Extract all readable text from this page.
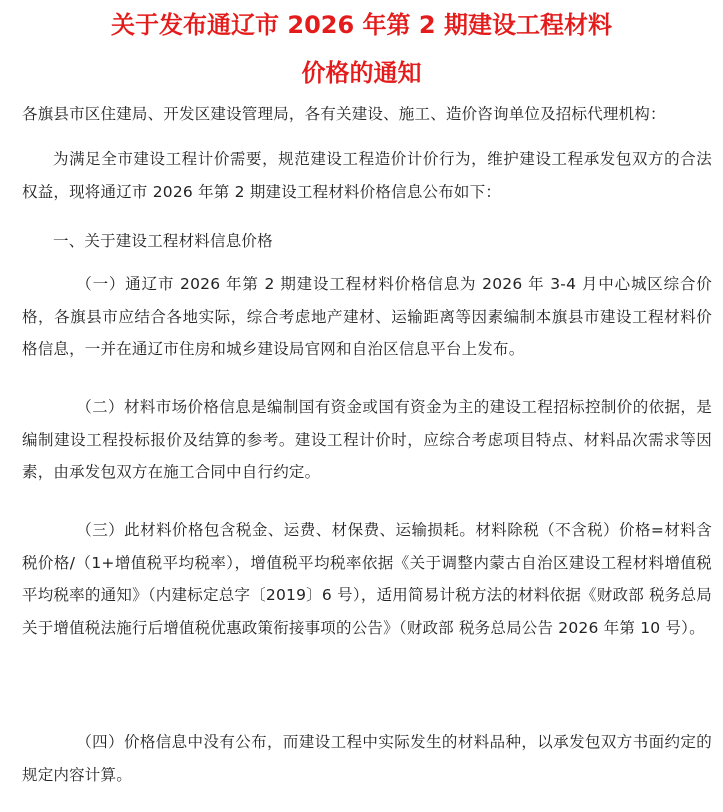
关于发布通辽市 2026 年第 2 期建设工程材料
价格的通知

各旗县市区住建局、开发区建设管理局，各有关建设、施工、造价咨询单位及招标代理机构：

为满足全市建设工程计价需要，规范建设工程造价计价行为，维护建设工程承发包双方的合法权益，现将通辽市 2026 年第 2 期建设工程材料价格信息公布如下：

一、关于建设工程材料信息价格

（一）通辽市 2026 年第 2 期建设工程材料价格信息为 2026 年 3-4 月中心城区综合价格，各旗县市应结合各地实际，综合考虑地产建材、运输距离等因素编制本旗县市建设工程材料价格信息，一并在通辽市住房和城乡建设局官网和自治区信息平台上发布。

（二）材料市场价格信息是编制国有资金或国有资金为主的建设工程招标控制价的依据，是编制建设工程投标报价及结算的参考。建设工程计价时，应综合考虑项目特点、材料品次需求等因素，由承发包双方在施工合同中自行约定。

（三）此材料价格包含税金、运费、材保费、运输损耗。材料除税（不含税）价格=材料含税价格/（1+增值税平均税率），增值税平均税率依据《关于调整内蒙古自治区建设工程材料增值税平均税率的通知》（内建标定总字〔2019〕6 号），适用简易计税方法的材料依据《财政部 税务总局关于增值税法施行后增值税优惠政策衔接事项的公告》（财政部 税务总局公告 2026 年第 10 号）。

（四）价格信息中没有公布，而建设工程中实际发生的材料品种，以承发包双方书面约定的规定内容计算。
